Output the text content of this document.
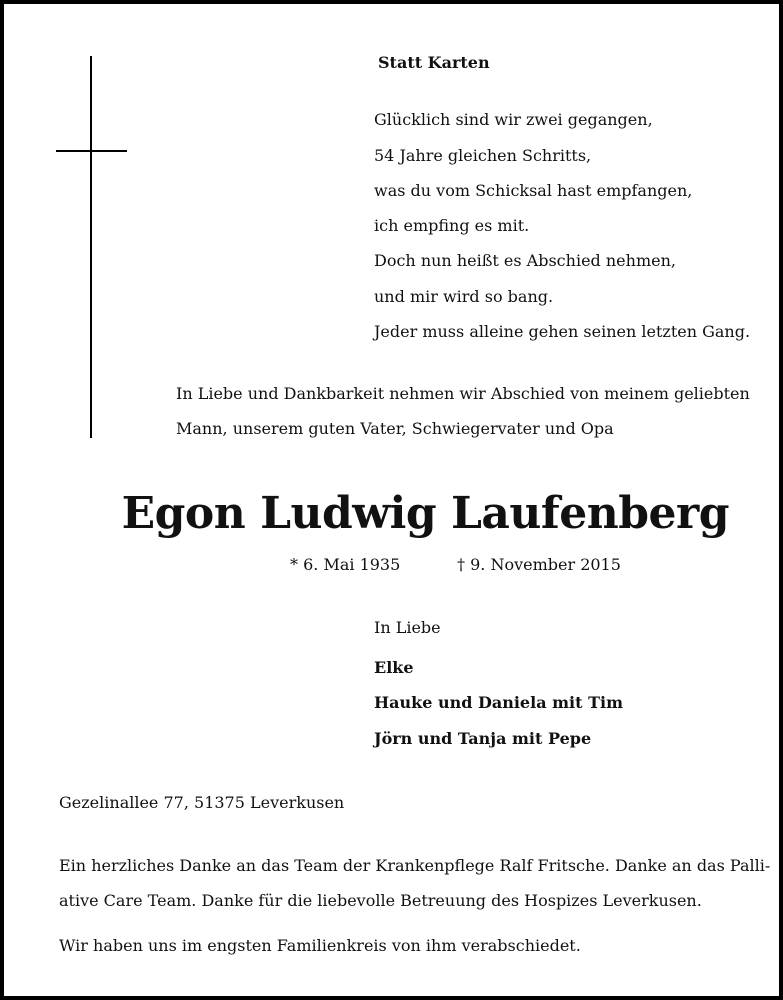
Statt Karten
Glücklich sind wir zwei gegangen,
54 Jahre gleichen Schritts,
was du vom Schicksal hast empfangen,
ich empfing es mit.
Doch nun heißt es Abschied nehmen,
und mir wird so bang.
Jeder muss alleine gehen seinen letzten Gang.
In Liebe und Dankbarkeit nehmen wir Abschied von meinem geliebten
Mann, unserem guten Vater, Schwiegervater und Opa
Egon Ludwig Laufenberg
* 6. Mai 1935	† 9. November 2015
In Liebe
Elke
Hauke und Daniela mit Tim
Jörn und Tanja mit Pepe
Gezelinallee 77, 51375 Leverkusen
Ein herzliches Danke an das Team der Krankenpflege Ralf Fritsche. Danke an das Palli-
ative Care Team. Danke für die liebevolle Betreuung des Hospizes Leverkusen.
Wir haben uns im engsten Familienkreis von ihm verabschiedet.
